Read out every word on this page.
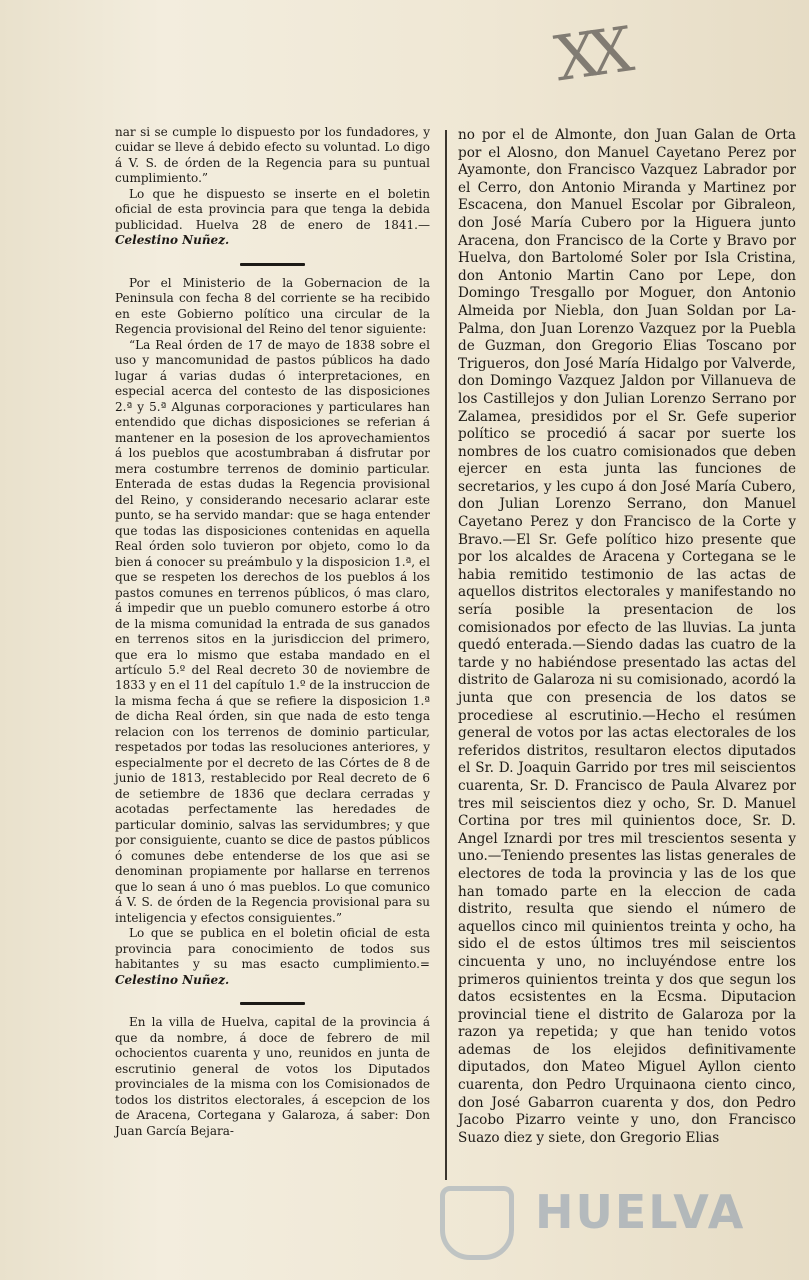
XX

nar si se cumple lo dispuesto por los fundadores, y cuidar se lleve á debido efecto su voluntad. Lo digo á V. S. de órden de la Regencia para su puntual cumplimiento.”

Lo que he dispuesto se inserte en el boletin oficial de esta provincia para que tenga la debida publicidad. Huelva 28 de enero de 1841.— Celestino Nuñez.

Por el Ministerio de la Gobernacion de la Peninsula con fecha 8 del corriente se ha recibido en este Gobierno político una circular de la Regencia provisional del Reino del tenor siguiente:

“La Real órden de 17 de mayo de 1838 sobre el uso y mancomunidad de pastos públicos ha dado lugar á varias dudas ó interpretaciones, en especial acerca del contesto de las disposiciones 2.ª y 5.ª Algunas corporaciones y particulares han entendido que dichas disposiciones se referian á mantener en la posesion de los aprovechamientos á los pueblos que acostumbraban á disfrutar por mera costumbre terrenos de dominio particular. Enterada de estas dudas la Regencia provisional del Reino, y considerando necesario aclarar este punto, se ha servido mandar: que se haga entender que todas las disposiciones contenidas en aquella Real órden solo tuvieron por objeto, como lo da bien á conocer su preámbulo y la disposicion 1.ª, el que se respeten los derechos de los pueblos á los pastos comunes en terrenos públicos, ó mas claro, á impedir que un pueblo comunero estorbe á otro de la misma comunidad la entrada de sus ganados en terrenos sitos en la jurisdiccion del primero, que era lo mismo que estaba mandado en el artículo 5.º del Real decreto 30 de noviembre de 1833 y en el 11 del capítulo 1.º de la instruccion de la misma fecha á que se refiere la disposicion 1.ª de dicha Real órden, sin que nada de esto tenga relacion con los terrenos de dominio particular, respetados por todas las resoluciones anteriores, y especialmente por el decreto de las Córtes de 8 de junio de 1813, restablecido por Real decreto de 6 de setiembre de 1836 que declara cerradas y acotadas perfectamente las heredades de particular dominio, salvas las servidumbres; y que por consiguiente, cuanto se dice de pastos públicos ó comunes debe entenderse de los que asi se denominan propiamente por hallarse en terrenos que lo sean á uno ó mas pueblos. Lo que comunico á V. S. de órden de la Regencia provisional para su inteligencia y efectos consiguientes.”

Lo que se publica en el boletin oficial de esta provincia para conocimiento de todos sus habitantes y su mas esacto cumplimiento.= Celestino Nuñez.

En la villa de Huelva, capital de la provincia á que da nombre, á doce de febrero de mil ochocientos cuarenta y uno, reunidos en junta de escrutinio general de votos los Diputados provinciales de la misma con los Comisionados de todos los distritos electorales, á escepcion de los de Aracena, Cortegana y Galaroza, á saber: Don Juan García Bejara-

no por el de Almonte, don Juan Galan de Orta por el Alosno, don Manuel Cayetano Perez por Ayamonte, don Francisco Vazquez Labrador por el Cerro, don Antonio Miranda y Martinez por Escacena, don Manuel Escolar por Gibraleon, don José María Cubero por la Higuera junto Aracena, don Francisco de la Corte y Bravo por Huelva, don Bartolomé Soler por Isla Cristina, don Antonio Martin Cano por Lepe, don Domingo Tresgallo por Moguer, don Antonio Almeida por Niebla, don Juan Soldan por La-Palma, don Juan Lorenzo Vazquez por la Puebla de Guzman, don Gregorio Elias Toscano por Trigueros, don José María Hidalgo por Valverde, don Domingo Vazquez Jaldon por Villanueva de los Castillejos y don Julian Lorenzo Serrano por Zalamea, presididos por el Sr. Gefe superior político se procedió á sacar por suerte los nombres de los cuatro comisionados que deben ejercer en esta junta las funciones de secretarios, y les cupo á don José María Cubero, don Julian Lorenzo Serrano, don Manuel Cayetano Perez y don Francisco de la Corte y Bravo.—El Sr. Gefe político hizo presente que por los alcaldes de Aracena y Cortegana se le habia remitido testimonio de las actas de aquellos distritos electorales y manifestando no sería posible la presentacion de los comisionados por efecto de las lluvias. La junta quedó enterada.—Siendo dadas las cuatro de la tarde y no habiéndose presentado las actas del distrito de Galaroza ni su comisionado, acordó la junta que con presencia de los datos se procediese al escrutinio.—Hecho el resúmen general de votos por las actas electorales de los referidos distritos, resultaron electos diputados el Sr. D. Joaquin Garrido por tres mil seiscientos cuarenta, Sr. D. Francisco de Paula Alvarez por tres mil seiscientos diez y ocho, Sr. D. Manuel Cortina por tres mil quinientos doce, Sr. D. Angel Iznardi por tres mil trescientos sesenta y uno.—Teniendo presentes las listas generales de electores de toda la provincia y las de los que han tomado parte en la eleccion de cada distrito, resulta que siendo el número de aquellos cinco mil quinientos treinta y ocho, ha sido el de estos últimos tres mil seiscientos cincuenta y uno, no incluyéndose entre los primeros quinientos treinta y dos que segun los datos ecsistentes en la Ecsma. Diputacion provincial tiene el distrito de Galaroza por la razon ya repetida; y que han tenido votos ademas de los elejidos definitivamente diputados, don Mateo Miguel Ayllon ciento cuarenta, don Pedro Urquinaona ciento cinco, don José Gabarron cuarenta y dos, don Pedro Jacobo Pizarro veinte y uno, don Francisco Suazo diez y siete, don Gregorio Elias

HUELVA
